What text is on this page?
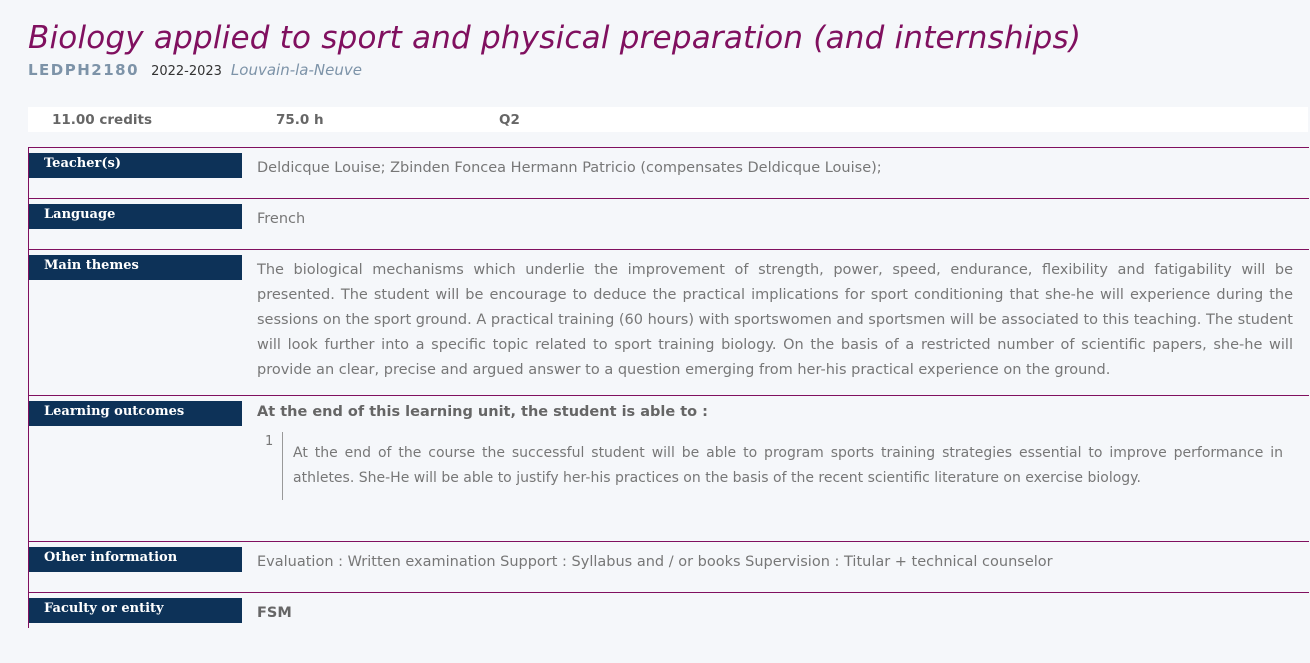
Biology applied to sport and physical preparation (and internships)
LEDPH2180 2022-2023 Louvain-la-Neuve
11.00 credits	75.0 h	Q2
Teacher(s)	Deldicque Louise; Zbinden Foncea Hermann Patricio (compensates Deldicque Louise);
Language	French
Main themes	The biological mechanisms which underlie the improvement of strength, power, speed, endurance, flexibility and fatigability will be presented. The student will be encourage to deduce the practical implications for sport conditioning that she-he will experience during the sessions on the sport ground. A practical training (60 hours) with sportswomen and sportsmen will be associated to this teaching. The student will look further into a specific topic related to sport training biology. On the basis of a restricted number of scientific papers, she-he will provide an clear, precise and argued answer to a question emerging from her-his practical experience on the ground.
Learning outcomes	At the end of this learning unit, the student is able to :
1
At the end of the course the successful student will be able to program sports training strategies essential to improve performance in athletes. She-He will be able to justify her-his practices on the basis of the recent scientific literature on exercise biology.
Other information	Evaluation : Written examination Support : Syllabus and / or books Supervision : Titular + technical counselor
Faculty or entity	FSM
